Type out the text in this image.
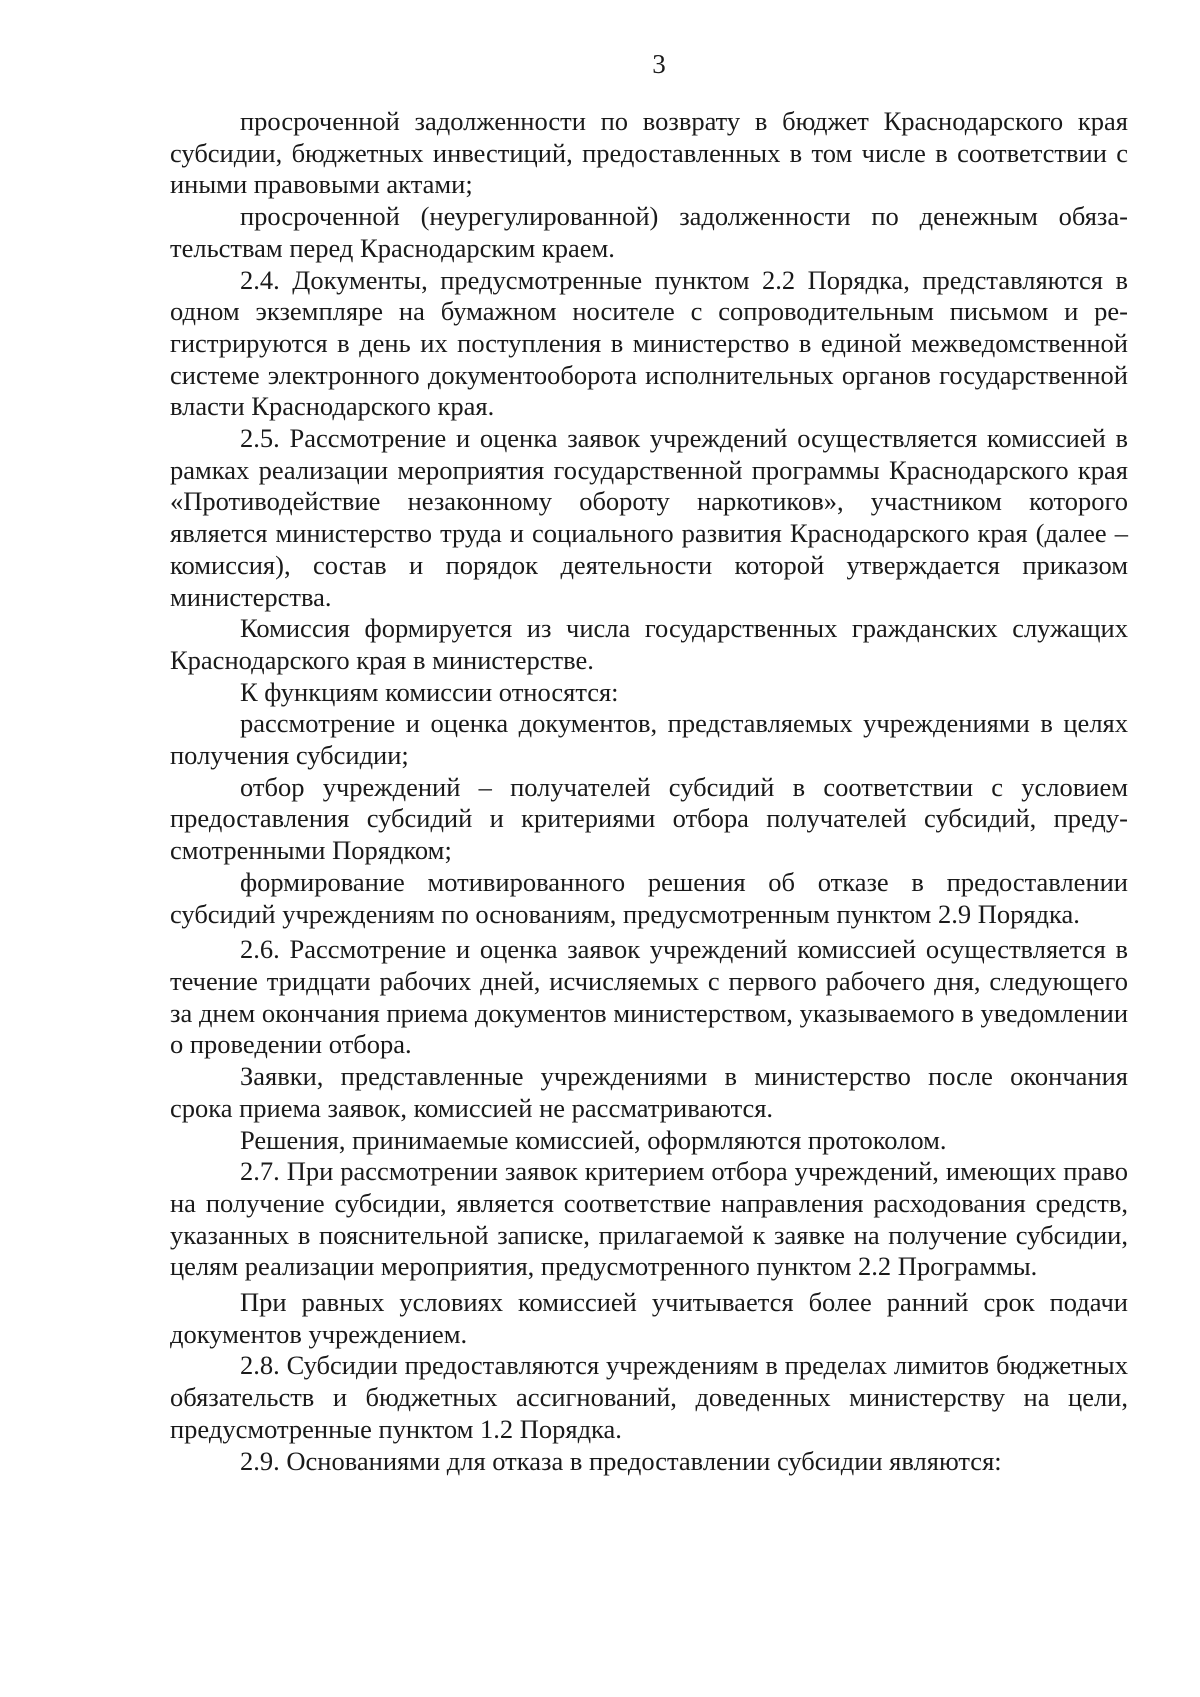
3

просроченной задолженности по возврату в бюджет Краснодарского края субсидии, бюджетных инвестиций, предоставленных в том числе в соответствии с иными правовыми актами;

просроченной (неурегулированной) задолженности по денежным обязательствам перед Краснодарским краем.

2.4. Документы, предусмотренные пунктом 2.2 Порядка, представляются в одном экземпляре на бумажном носителе с сопроводительным письмом и регистрируются в день их поступления в министерство в единой межведомственной системе электронного документооборота исполнительных органов государственной власти Краснодарского края.

2.5. Рассмотрение и оценка заявок учреждений осуществляется комиссией в рамках реализации мероприятия государственной программы Краснодарского края «Противодействие незаконному обороту наркотиков», участником которого является министерство труда и социального развития Краснодарского края (далее – комиссия), состав и порядок деятельности которой утверждается приказом министерства.

Комиссия формируется из числа государственных гражданских служащих Краснодарского края в министерстве.

К функциям комиссии относятся:

рассмотрение и оценка документов, представляемых учреждениями в целях получения субсидии;

отбор учреждений – получателей субсидий в соответствии с условием предоставления субсидий и критериями отбора получателей субсидий, предусмотренными Порядком;

формирование мотивированного решения об отказе в предоставлении субсидий учреждениям по основаниям, предусмотренным пунктом 2.9 Порядка.

2.6. Рассмотрение и оценка заявок учреждений комиссией осуществляется в течение тридцати рабочих дней, исчисляемых с первого рабочего дня, следующего за днем окончания приема документов министерством, указываемого в уведомлении о проведении отбора.

Заявки, представленные учреждениями в министерство после окончания срока приема заявок, комиссией не рассматриваются.

Решения, принимаемые комиссией, оформляются протоколом.

2.7. При рассмотрении заявок критерием отбора учреждений, имеющих право на получение субсидии, является соответствие направления расходования средств, указанных в пояснительной записке, прилагаемой к заявке на получение субсидии, целям реализации мероприятия, предусмотренного пунктом 2.2 Программы.

При равных условиях комиссией учитывается более ранний срок подачи документов учреждением.

2.8. Субсидии предоставляются учреждениям в пределах лимитов бюджетных обязательств и бюджетных ассигнований, доведенных министерству на цели, предусмотренные пунктом 1.2 Порядка.

2.9. Основаниями для отказа в предоставлении субсидии являются:
